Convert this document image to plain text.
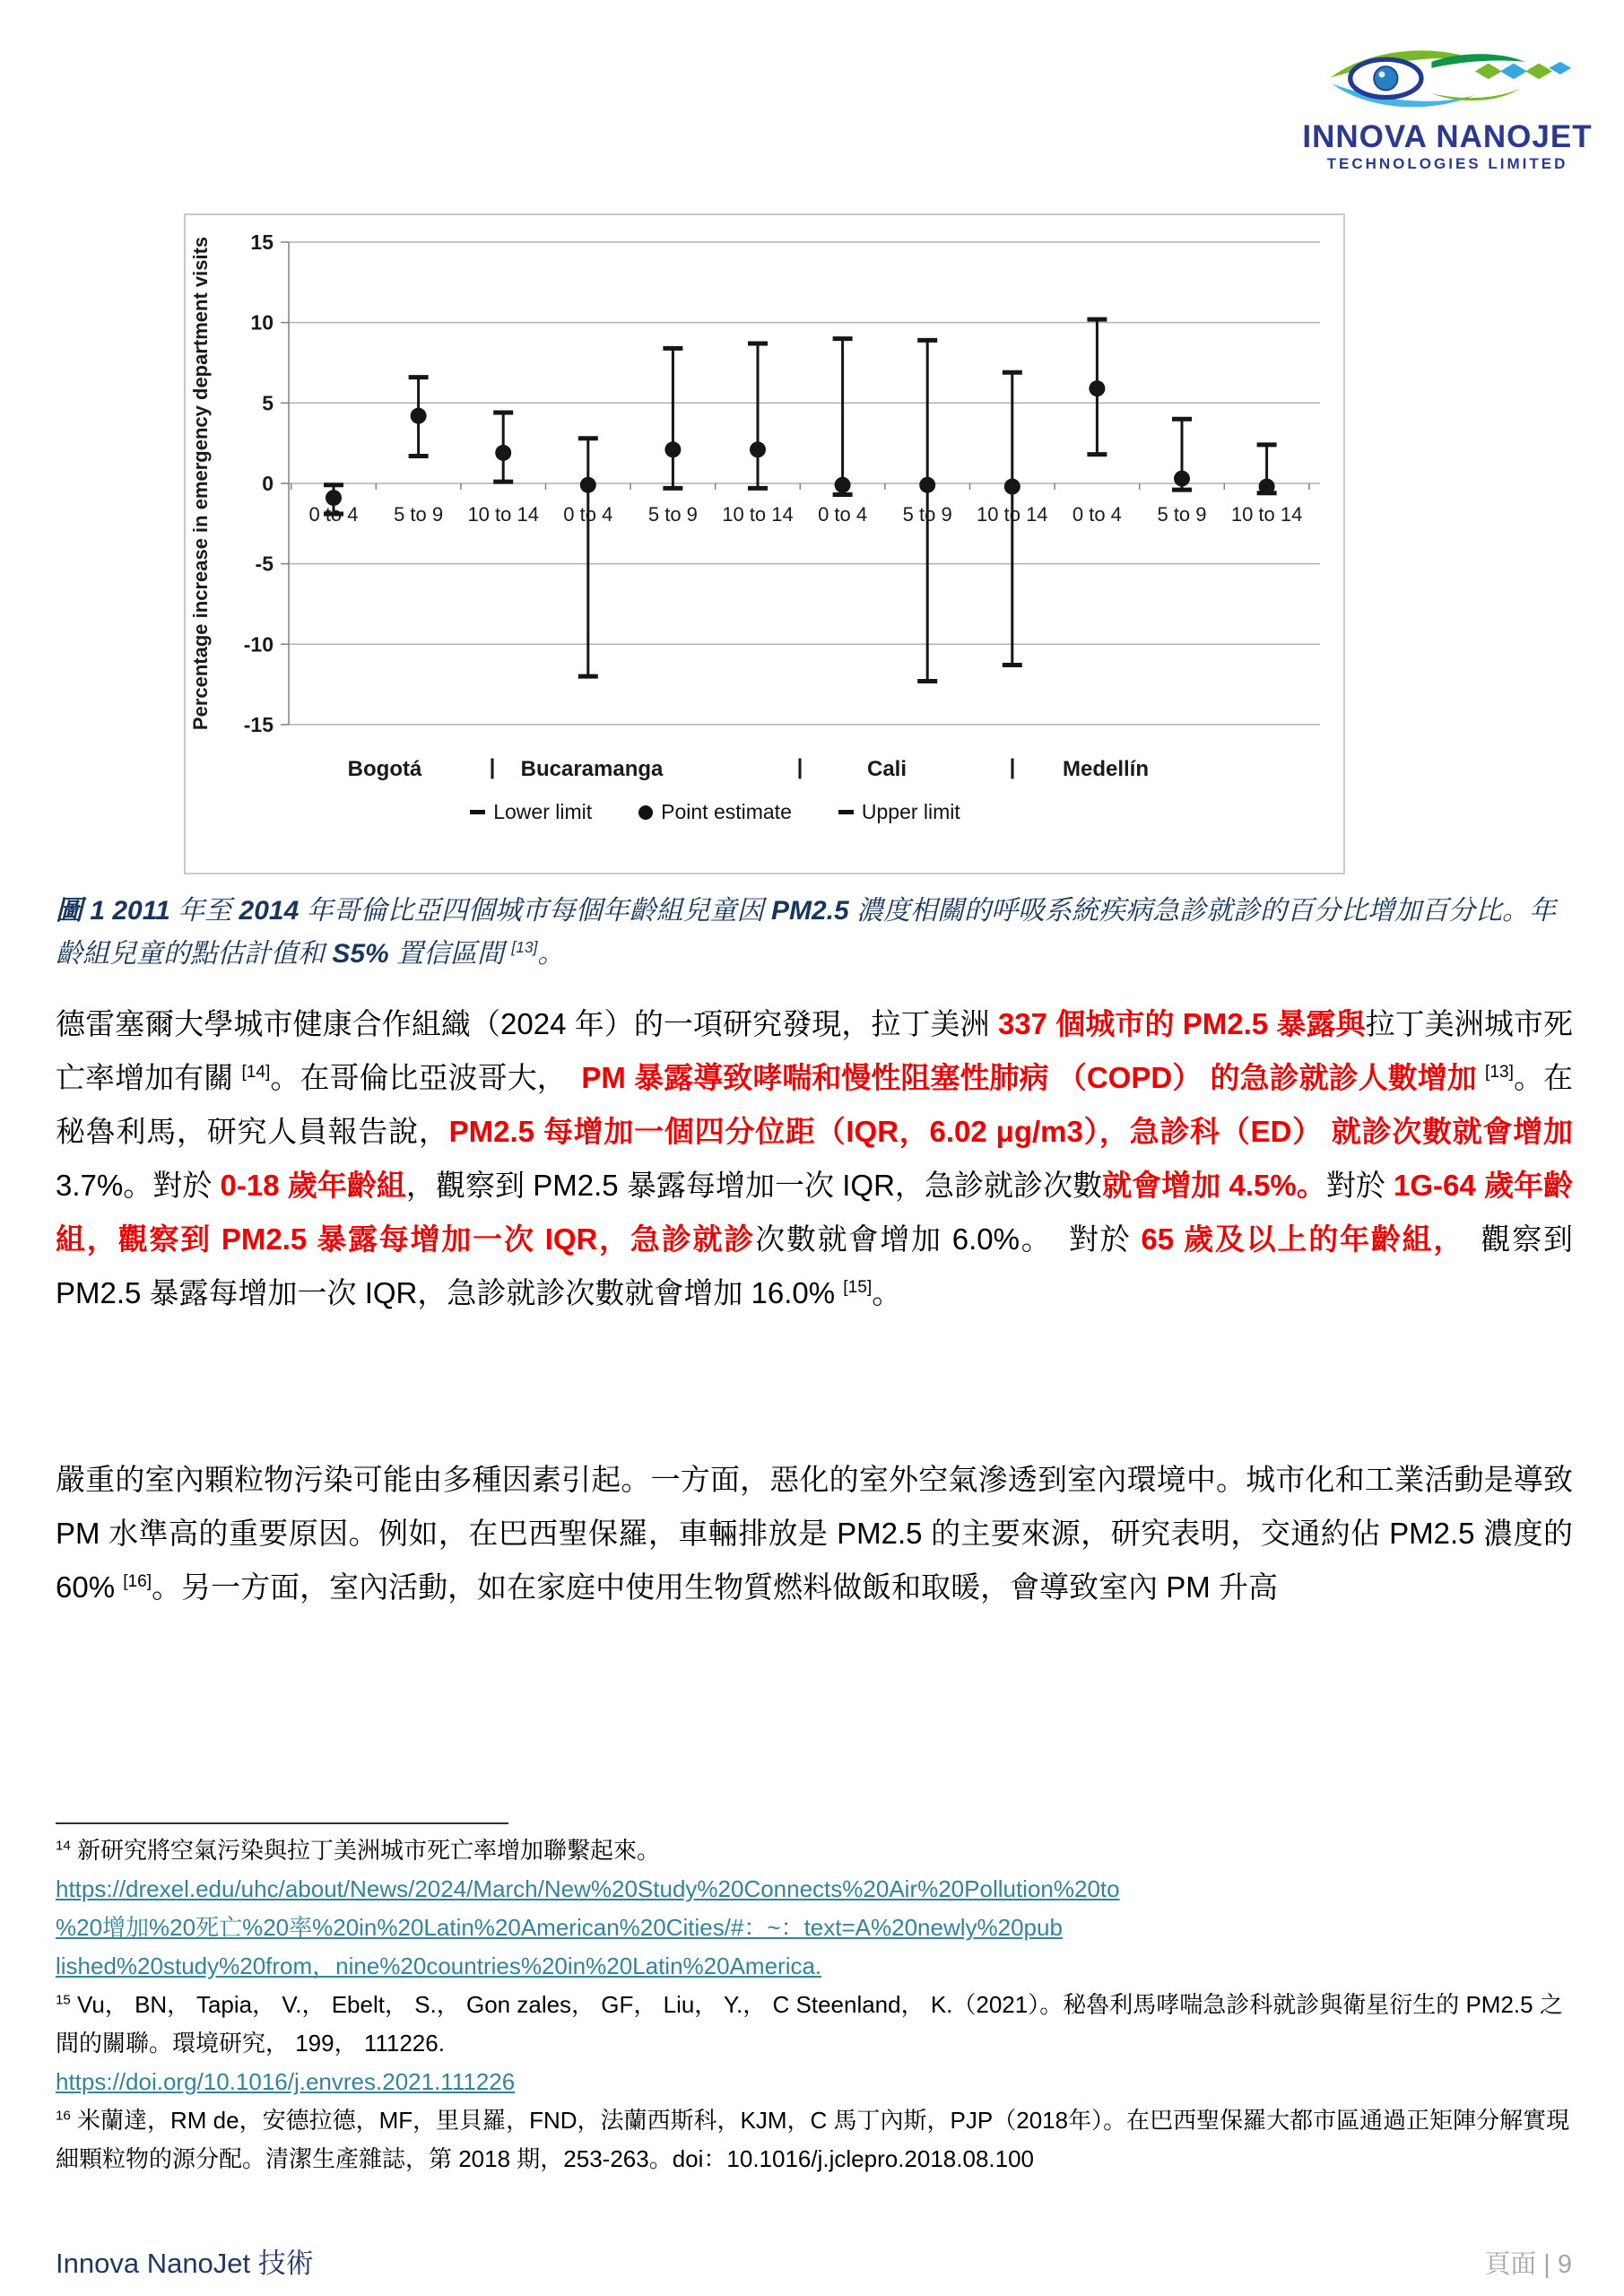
INNOVA NANOJET
TECHNOLOGIES LIMITED
15
10
5
0
-5
-10
-15
Percentage increase in emergency department visits	0 to 4 5 to 9 10 to 14 0 to 4 5 to 9 10 to 14 0 to 4 5 to 9 10 to 14 0 to 4 5 to 9 10 to 14
Bogotá	Bucaramanga	Cali	Medellín
|	|	|
Lower limit	Point estimate	Upper limit

圖 1 2011 年至 2014 年哥倫比亞四個城市每個年齡組兒童因 PM2.5 濃度相關的呼吸系統疾病急診就診的百分比增加百分比。年齡組兒童的點估計值和 S5% 置信區間 [13]。

德雷塞爾大學城市健康合作組織（2024 年）的一項研究發現，拉丁美洲 337 個城市的 PM2.5 暴露與拉丁美洲城市死亡率增加有關 [14]。在哥倫比亞波哥大，　PM 暴露導致哮喘和慢性阻塞性肺病 （COPD） 的急診就診人數增加 [13]。在秘魯利馬，研究人員報告說，PM2.5 每增加一個四分位距（IQR，6.02 μg/m3），急診科（ED） 就診次數就會增加 3.7%。對於 0-18 歲年齡組，觀察到 PM2.5 暴露每增加一次 IQR，急診就診次數就會增加 4.5%。對於 1G-64 歲年齡組，觀察到 PM2.5 暴露每增加一次 IQR，急診就診次數就會增加 6.0%。　對於 65 歲及以上的年齡組，　觀察到 PM2.5 暴露每增加一次 IQR，急診就診次數就會增加 16.0% [15]。

嚴重的室內顆粒物污染可能由多種因素引起。一方面，惡化的室外空氣滲透到室內環境中。城市化和工業活動是導致 PM 水準高的重要原因。例如，在巴西聖保羅，車輛排放是 PM2.5 的主要來源，研究表明，交通約佔 PM2.5 濃度的 60% [16]。另一方面，室內活動，如在家庭中使用生物質燃料做飯和取暖，會導致室內 PM 升高

$^{14}$ 新研究將空氣污染與拉丁美洲城市死亡率增加聯繫起來。

https://drexel.edu/uhc/about/News/2024/March/New%20Study%20Connects%20Air%20Pollution%20to
%20增加%20死亡%20率%20in%20Latin%20American%20Cities/#：~：text=A%20newly%20pub
lished%20study%20from，nine%20countries%20in%20Latin%20America.

$^{15}$ Vu， BN， Tapia， V.， Ebelt， S.， Gon zales， GF， Liu， Y.， C Steenland， K.（2021）。秘魯利馬哮喘急診科就診與衛星衍生的 PM2.5 之間的關聯。環境研究， 199， 111226.

https://doi.org/10.1016/j.envres.2021.111226

$^{16}$ 米蘭達，RM de，安德拉德，MF，里貝羅，FND，法蘭西斯科，KJM，C 馬丁內斯，PJP（2018年）。在巴西聖保羅大都市區通過正矩陣分解實現細顆粒物的源分配。清潔生產雜誌，第 2018 期，253-263。doi：10.1016/j.jclepro.2018.08.100

Innova NanoJet 技術	頁面 | 9
